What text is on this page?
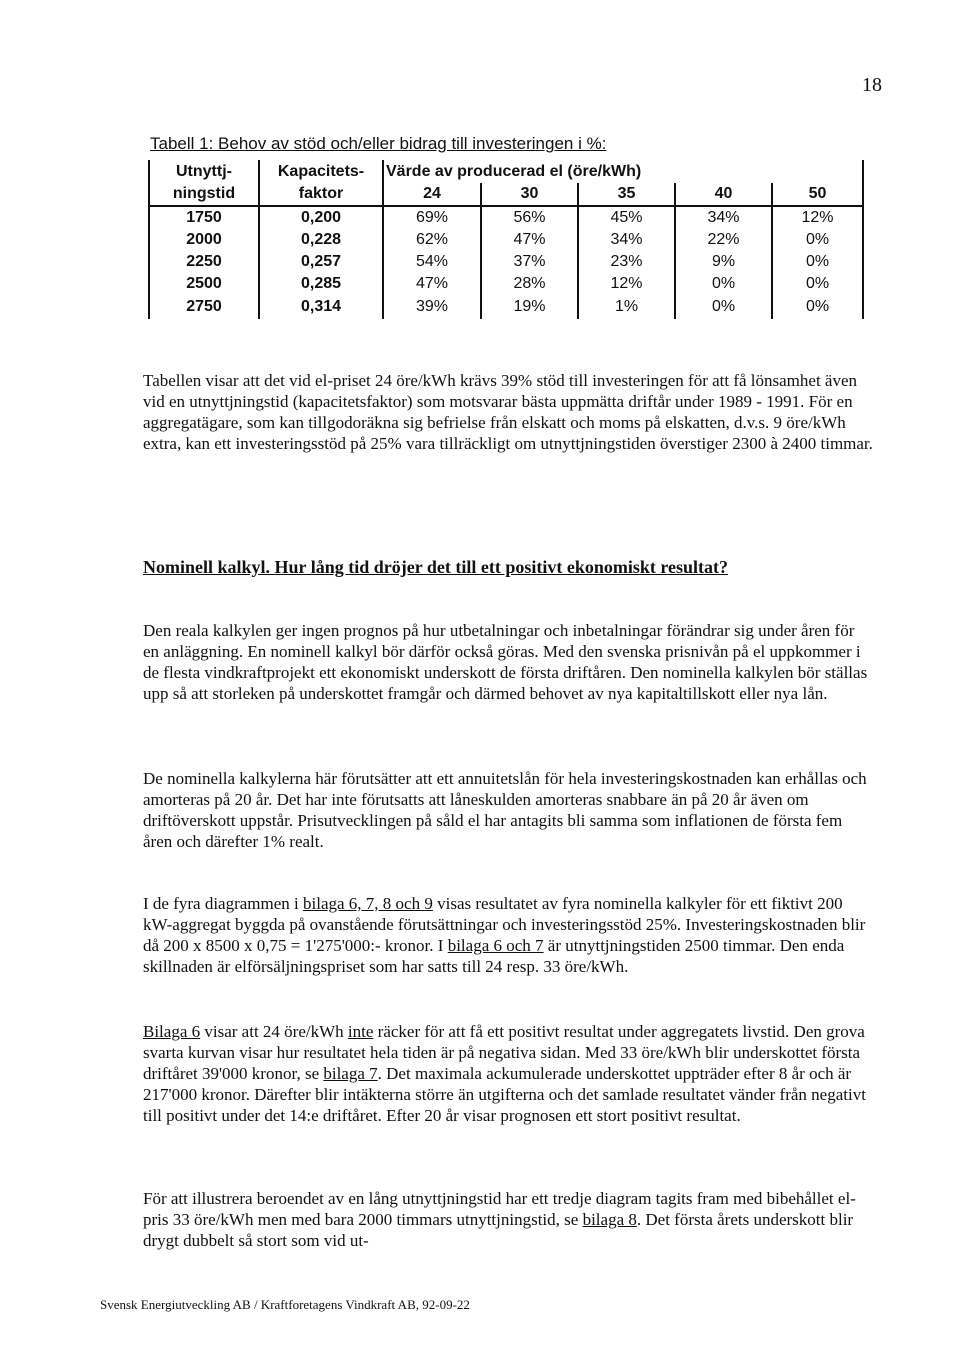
18
Tabell 1: Behov av stöd och/eller bidrag till investeringen i %:
Utnyttj-	Kapacitets-	Värde av producerad el (öre/kWh)				
ningstid	faktor	24	30	35	40	50
1750	0,200	69%	56%	45%	34%	12%
2000	0,228	62%	47%	34%	22%	0%
2250	0,257	54%	37%	23%	9%	0%
2500	0,285	47%	28%	12%	0%	0%
2750	0,314	39%	19%	1%	0%	0%

Tabellen visar att det vid el-priset 24 öre/kWh krävs 39% stöd till investeringen för att få lönsamhet även vid en utnyttjningstid (kapacitetsfaktor) som motsvarar bästa uppmätta driftår under 1989 - 1991. För en aggregatägare, som kan tillgodoräkna sig befrielse från elskatt och moms på elskatten, d.v.s. 9 öre/kWh extra, kan ett investeringsstöd på 25% vara tillräckligt om utnyttjningstiden överstiger 2300 à 2400 timmar.

Nominell kalkyl. Hur lång tid dröjer det till ett positivt ekonomiskt resultat?

Den reala kalkylen ger ingen prognos på hur utbetalningar och inbetalningar förändrar sig under åren för en anläggning. En nominell kalkyl bör därför också göras. Med den svenska prisnivån på el uppkommer i de flesta vindkraftprojekt ett ekonomiskt underskott de första driftåren. Den nominella kalkylen bör ställas upp så att storleken på underskottet framgår och därmed behovet av nya kapitaltillskott eller nya lån.

De nominella kalkylerna här förutsätter att ett annuitetslån för hela investeringskostnaden kan erhållas och amorteras på 20 år. Det har inte förutsatts att låneskulden amorteras snabbare än på 20 år även om driftöverskott uppstår. Prisutvecklingen på såld el har antagits bli samma som inflationen de första fem åren och därefter 1% realt.

I de fyra diagrammen i bilaga 6, 7, 8 och 9 visas resultatet av fyra nominella kalkyler för ett fiktivt 200 kW-aggregat byggda på ovanstående förutsättningar och investeringsstöd 25%. Investeringskostnaden blir då 200 x 8500 x 0,75 = 1'275'000:- kronor. I bilaga 6 och 7 är utnyttjningstiden 2500 timmar. Den enda skillnaden är elförsäljningspriset som har satts till 24 resp. 33 öre/kWh.

Bilaga 6 visar att 24 öre/kWh inte räcker för att få ett positivt resultat under aggregatets livstid. Den grova svarta kurvan visar hur resultatet hela tiden är på negativa sidan. Med 33 öre/kWh blir underskottet första driftåret 39'000 kronor, se bilaga 7. Det maximala ackumulerade underskottet uppträder efter 8 år och är 217'000 kronor. Därefter blir intäkterna större än utgifterna och det samlade resultatet vänder från negativt till positivt under det 14:e driftåret. Efter 20 år visar prognosen ett stort positivt resultat.

För att illustrera beroendet av en lång utnyttjningstid har ett tredje diagram tagits fram med bibehållet el-pris 33 öre/kWh men med bara 2000 timmars utnyttjningstid, se bilaga 8. Det första årets underskott blir drygt dubbelt så stort som vid ut-

Svensk Energiutveckling AB / Kraftforetagens Vindkraft AB, 92-09-22
